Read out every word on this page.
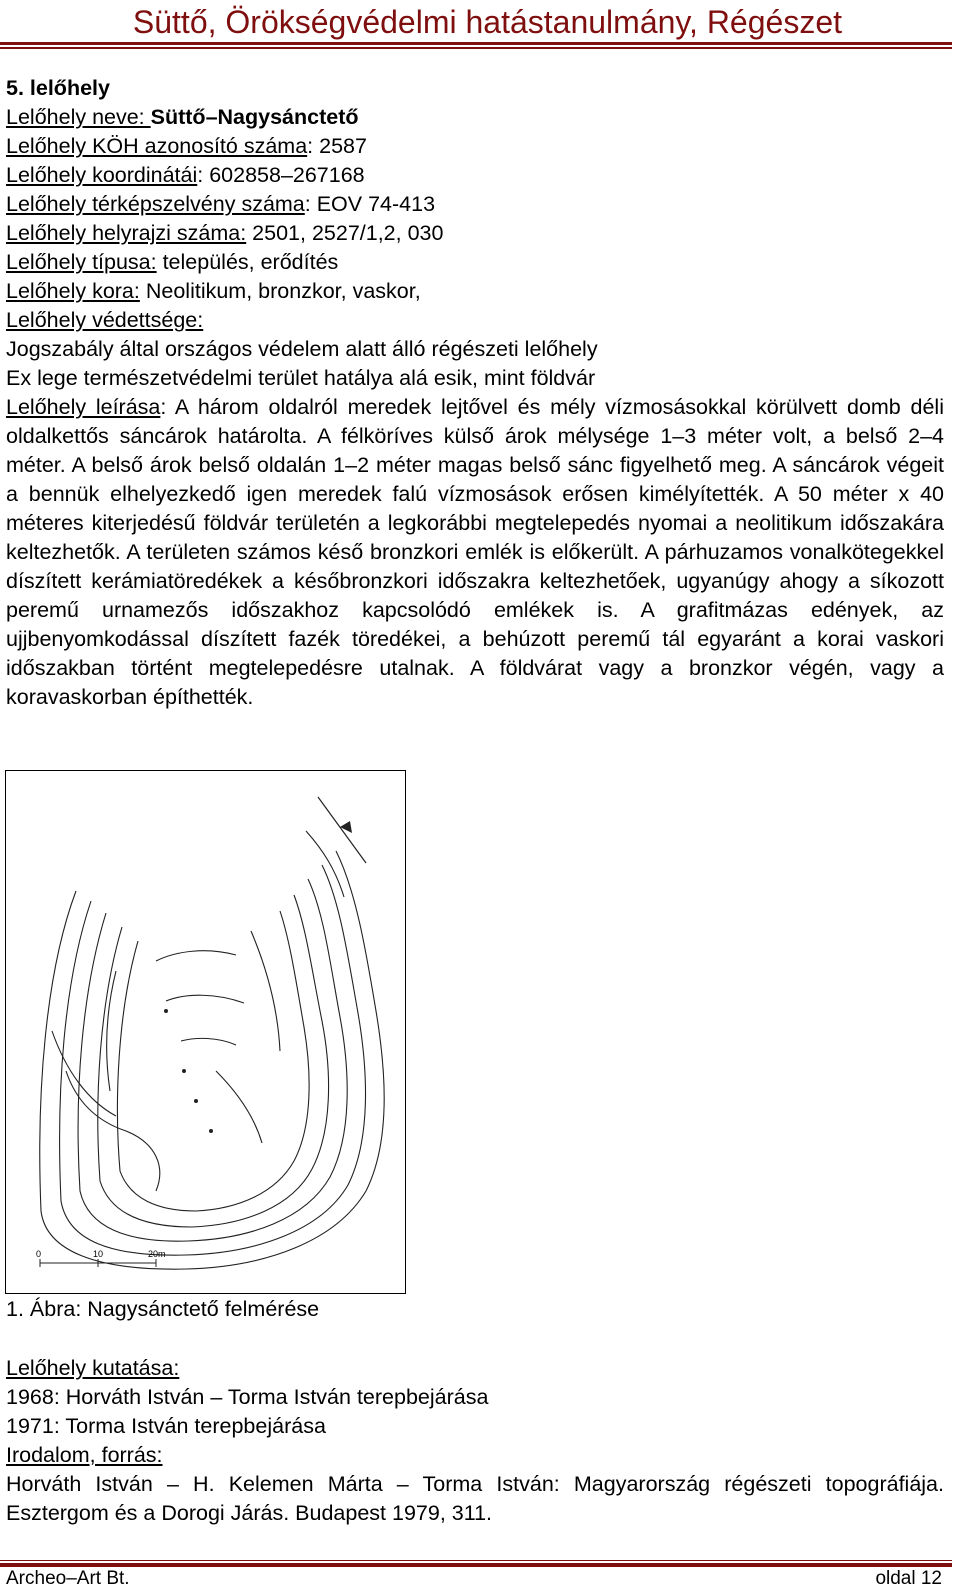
Süttő, Örökségvédelmi hatástanulmány, Régészet
5. lelőhely
Lelőhely neve: Süttő–Nagysánctető
Lelőhely KÖH azonosító száma: 2587
Lelőhely koordinátái: 602858–267168
Lelőhely térképszelvény száma: EOV 74-413
Lelőhely helyrajzi száma: 2501, 2527/1,2, 030
Lelőhely típusa: település, erődítés
Lelőhely kora: Neolitikum, bronzkor, vaskor,
Lelőhely védettsége:
Jogszabály által országos védelem alatt álló régészeti lelőhely
Ex lege természetvédelmi terület hatálya alá esik, mint földvár

Lelőhely leírása: A három oldalról meredek lejtővel és mély vízmosásokkal körülvett domb déli oldalkettős sáncárok határolta. A félköríves külső árok mélysége 1–3 méter volt, a belső 2–4 méter. A belső árok belső oldalán 1–2 méter magas belső sánc figyelhető meg. A sáncárok végeit a bennük elhelyezkedő igen meredek falú vízmosások erősen kimélyítették. A 50 méter x 40 méteres kiterjedésű földvár területén a legkorábbi megtelepedés nyomai a neolitikum időszakára keltezhetők. A területen számos késő bronzkori emlék is előkerült. A párhuzamos vonalkötegekkel díszített kerámiatöredékek a későbronzkori időszakra keltezhetőek, ugyanúgy ahogy a síkozott peremű urnamezős időszakhoz kapcsolódó emlékek is. A grafitmázas edények, az ujjbenyomkodással díszített fazék töredékei, a behúzott peremű tál egyaránt a korai vaskori időszakban történt megtelepedésre utalnak. A földvárat vagy a bronzkor végén, vagy a koravaskorban építhették.

0	10	20m
1. Ábra: Nagysánctető felmérése
Lelőhely kutatása:
1968: Horváth István – Torma István terepbejárása
1971: Torma István terepbejárása
Irodalom, forrás:

Horváth István – H. Kelemen Márta – Torma István: Magyarország régészeti topográfiája. Esztergom és a Dorogi Járás. Budapest 1979, 311.

Archeo–Art Bt.	oldal 12
